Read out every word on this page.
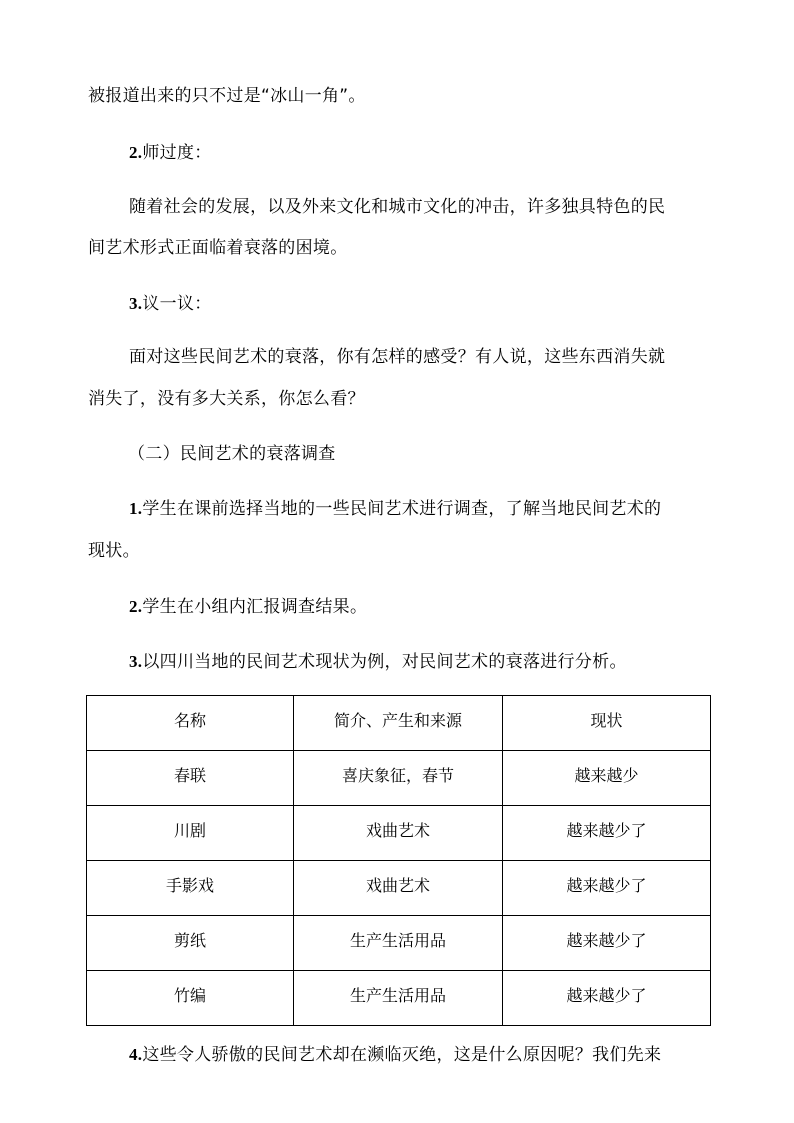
被报道出来的只不过是“冰山一角”。
2.师过度：
随着社会的发展，以及外来文化和城市文化的冲击，许多独具特色的民
间艺术形式正面临着衰落的困境。
3.议一议：
面对这些民间艺术的衰落，你有怎样的感受？有人说，这些东西消失就
消失了，没有多大关系，你怎么看？
（二）民间艺术的衰落调查
1.学生在课前选择当地的一些民间艺术进行调查，了解当地民间艺术的
现状。
2.学生在小组内汇报调查结果。
3.以四川当地的民间艺术现状为例，对民间艺术的衰落进行分析。
名称	简介、产生和来源	现状
春联	喜庆象征，春节	越来越少
川剧	戏曲艺术	越来越少了
手影戏	戏曲艺术	越来越少了
剪纸	生产生活用品	越来越少了
竹编	生产生活用品	越来越少了
4.这些令人骄傲的民间艺术却在濒临灭绝，这是什么原因呢？我们先来
